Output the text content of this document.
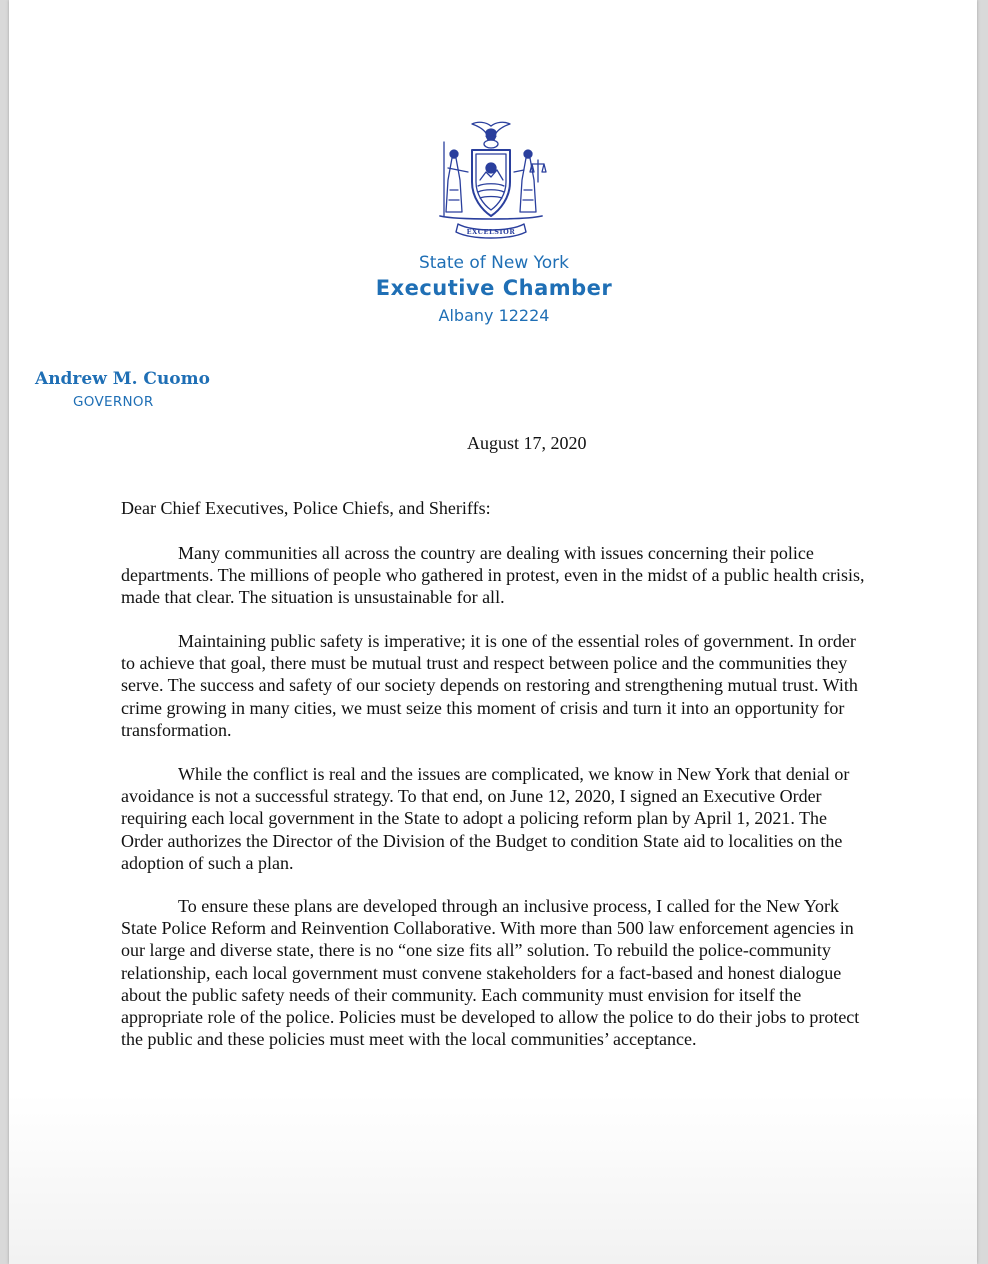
EXCELSIOR
State of New York
Executive Chamber
Albany 12224
Andrew M. Cuomo
GOVERNOR
August 17, 2020
Dear Chief Executives, Police Chiefs, and Sheriffs:
Many communities all across the country are dealing with issues concerning their police departments. The millions of people who gathered in protest, even in the midst of a public health crisis, made that clear. The situation is unsustainable for all.
Maintaining public safety is imperative; it is one of the essential roles of government. In order to achieve that goal, there must be mutual trust and respect between police and the communities they serve. The success and safety of our society depends on restoring and strengthening mutual trust. With crime growing in many cities, we must seize this moment of crisis and turn it into an opportunity for transformation.
While the conflict is real and the issues are complicated, we know in New York that denial or avoidance is not a successful strategy. To that end, on June 12, 2020, I signed an Executive Order requiring each local government in the State to adopt a policing reform plan by April 1, 2021. The Order authorizes the Director of the Division of the Budget to condition State aid to localities on the adoption of such a plan.
To ensure these plans are developed through an inclusive process, I called for the New York State Police Reform and Reinvention Collaborative. With more than 500 law enforcement agencies in our large and diverse state, there is no “one size fits all” solution. To rebuild the police-community relationship, each local government must convene stakeholders for a fact-based and honest dialogue about the public safety needs of their community. Each community must envision for itself the appropriate role of the police. Policies must be developed to allow the police to do their jobs to protect the public and these policies must meet with the local communities’ acceptance.
